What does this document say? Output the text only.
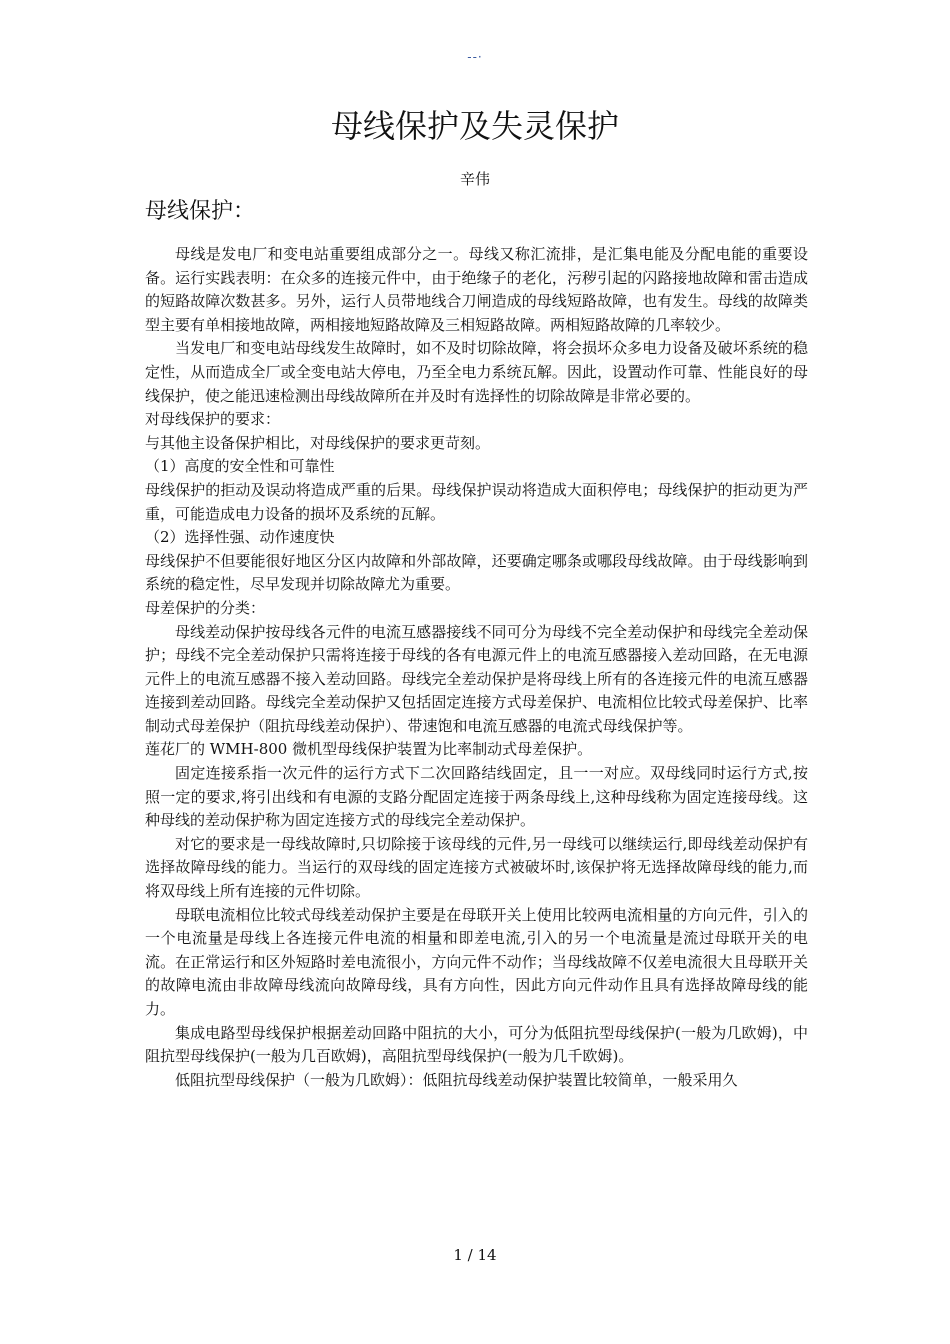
--·
母线保护及失灵保护
辛伟
母线保护：

母线是发电厂和变电站重要组成部分之一。母线又称汇流排，是汇集电能及分配电能的重要设备。运行实践表明：在众多的连接元件中，由于绝缘子的老化，污秽引起的闪路接地故障和雷击造成的短路故障次数甚多。另外，运行人员带地线合刀闸造成的母线短路故障，也有发生。母线的故障类型主要有单相接地故障，两相接地短路故障及三相短路故障。两相短路故障的几率较少。

当发电厂和变电站母线发生故障时，如不及时切除故障，将会损坏众多电力设备及破坏系统的稳定性，从而造成全厂或全变电站大停电，乃至全电力系统瓦解。因此，设置动作可靠、性能良好的母线保护，使之能迅速检测出母线故障所在并及时有选择性的切除故障是非常必要的。

对母线保护的要求：

与其他主设备保护相比，对母线保护的要求更苛刻。

（1）高度的安全性和可靠性

母线保护的拒动及误动将造成严重的后果。母线保护误动将造成大面积停电；母线保护的拒动更为严重，可能造成电力设备的损坏及系统的瓦解。

（2）选择性强、动作速度快

母线保护不但要能很好地区分区内故障和外部故障，还要确定哪条或哪段母线故障。由于母线影响到系统的稳定性，尽早发现并切除故障尤为重要。

母差保护的分类：

母线差动保护按母线各元件的电流互感器接线不同可分为母线不完全差动保护和母线完全差动保护；母线不完全差动保护只需将连接于母线的各有电源元件上的电流互感器接入差动回路，在无电源元件上的电流互感器不接入差动回路。母线完全差动保护是将母线上所有的各连接元件的电流互感器连接到差动回路。母线完全差动保护又包括固定连接方式母差保护、电流相位比较式母差保护、比率制动式母差保护（阻抗母线差动保护）、带速饱和电流互感器的电流式母线保护等。

莲花厂的 WMH-800 微机型母线保护装置为比率制动式母差保护。

固定连接系指一次元件的运行方式下二次回路结线固定，且一一对应。双母线同时运行方式,按照一定的要求,将引出线和有电源的支路分配固定连接于两条母线上,这种母线称为固定连接母线。这种母线的差动保护称为固定连接方式的母线完全差动保护。

对它的要求是一母线故障时,只切除接于该母线的元件,另一母线可以继续运行,即母线差动保护有选择故障母线的能力。当运行的双母线的固定连接方式被破坏时,该保护将无选择故障母线的能力,而将双母线上所有连接的元件切除。

母联电流相位比较式母线差动保护主要是在母联开关上使用比较两电流相量的方向元件，引入的一个电流量是母线上各连接元件电流的相量和即差电流,引入的另一个电流量是流过母联开关的电流。在正常运行和区外短路时差电流很小，方向元件不动作；当母线故障不仅差电流很大且母联开关的故障电流由非故障母线流向故障母线，具有方向性，因此方向元件动作且具有选择故障母线的能力。

集成电路型母线保护根据差动回路中阻抗的大小，可分为低阻抗型母线保护(一般为几欧姆)，中阻抗型母线保护(一般为几百欧姆)，高阻抗型母线保护(一般为几千欧姆)。

低阻抗型母线保护（一般为几欧姆）：低阻抗母线差动保护装置比较简单，一般采用久

1 / 14
